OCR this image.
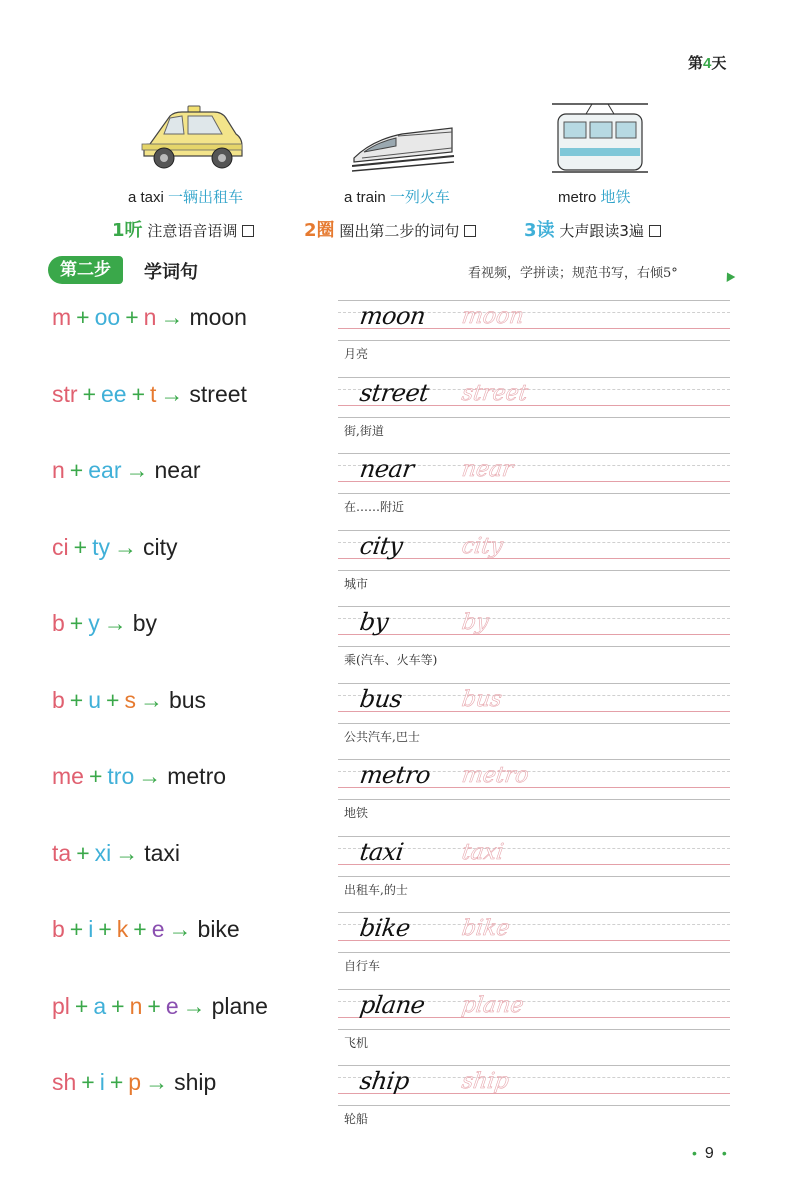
第4天
a taxi 一辆出租车	a train 一列火车	metro 地铁
1听 注意语音语调	2圈 圈出第二步的词句	3读 大声跟读3遍
第二步	学词句	看视频，学拼读；规范书写，右倾5°
m + oo + n → moon	moon moon
月亮
str + ee + t → street	street street
街,街道
n + ear → near	near near
在……附近
ci + ty → city	city	city
城市
b + y → by	by	by
乘(汽车、火车等)
b + u + s → bus	bus	bus
公共汽车,巴士
me + tro → metro	metro metro
地铁
ta + xi → taxi	taxi	taxi
出租车,的士
b + i + k + e → bike	bike bike
自行车
pl + a + n + e → plane	plane plane
飞机
sh + i + p → ship	ship ship
轮船
• 9 •
